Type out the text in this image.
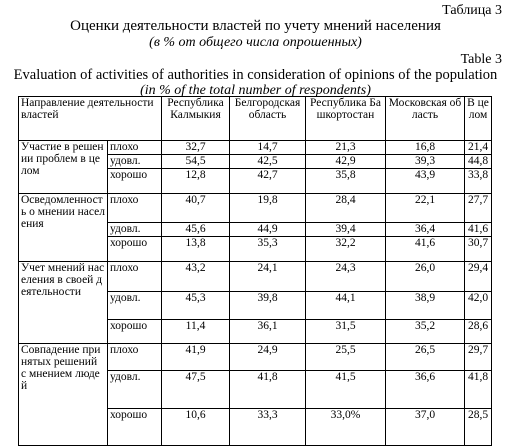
Таблица 3
Оценки деятельности властей по учету мнений населения
(в % от общего числа опрошенных)
Table 3
Evaluation of activities of authorities in consideration of opinions of the population
(in % of the total number of respondents)
Направление деятельности властей		Республика Калмыкия	Белгородская область	Республика Башкортостан	Московская область	В целом
Участие в решении проблем в целом	плохо	32,7	14,7	21,3	16,8	21,4
	удовл.	54,5	42,5	42,9	39,3	44,8
	хорошо	12,8	42,7	35,8	43,9	33,8
Осведомленность о мнении населения	плохо	40,7	19,8	28,4	22,1	27,7
	удовл.	45,6	44,9	39,4	36,4	41,6
	хорошо	13,8	35,3	32,2	41,6	30,7
Учет мнений населения в своей деятельности	плохо	43,2	24,1	24,3	26,0	29,4
	удовл.	45,3	39,8	44,1	38,9	42,0
	хорошо	11,4	36,1	31,5	35,2	28,6
Совпадение принятых решений с мнением людей	плохо	41,9	24,9	25,5	26,5	29,7
	удовл.	47,5	41,8	41,5	36,6	41,8
	хорошо	10,6	33,3	33,0%	37,0	28,5
